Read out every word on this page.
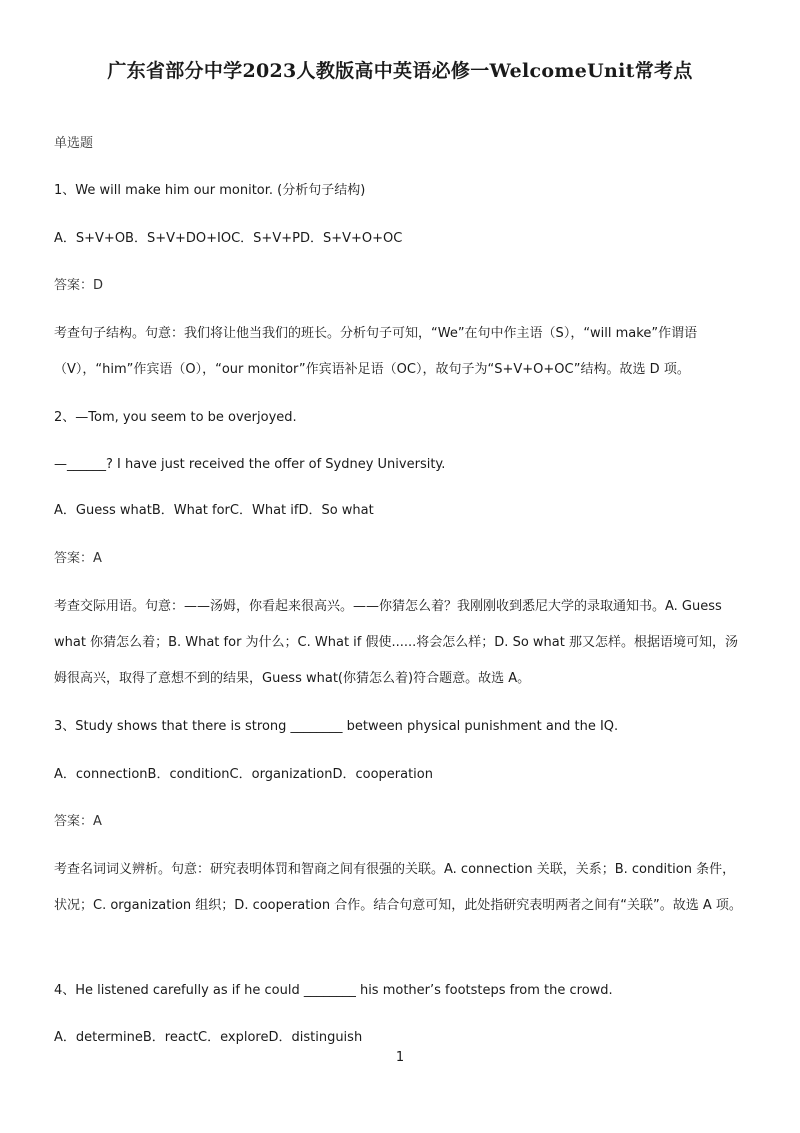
广东省部分中学2023人教版高中英语必修一WelcomeUnit常考点
单选题
1、We will make him our monitor. (分析句子结构)
A．S+V+OB．S+V+DO+IOC．S+V+PD．S+V+O+OC
答案：D
考查句子结构。句意：我们将让他当我们的班长。分析句子可知，“We”在句中作主语（S），“will make”作谓语（V），“him”作宾语（O），“our monitor”作宾语补足语（OC），故句子为“S+V+O+OC”结构。故选 D 项。
2、—Tom, you seem to be overjoyed.
—______? I have just received the offer of Sydney University.
A．Guess whatB．What forC．What ifD．So what
答案：A
考查交际用语。句意：——汤姆，你看起来很高兴。——你猜怎么着？我刚刚收到悉尼大学的录取通知书。A. Guess what 你猜怎么着；B. What for 为什么；C. What if 假使......将会怎么样；D. So what 那又怎样。根据语境可知，汤姆很高兴，取得了意想不到的结果，Guess what(你猜怎么着)符合题意。故选 A。
3、Study shows that there is strong ________ between physical punishment and the IQ.
A．connectionB．conditionC．organizationD．cooperation
答案：A
考查名词词义辨析。句意：研究表明体罚和智商之间有很强的关联。A. connection 关联，关系；B. condition 条件，状况；C. organization 组织；D. cooperation 合作。结合句意可知，此处指研究表明两者之间有“关联”。故选 A 项。
4、He listened carefully as if he could ________ his mother’s footsteps from the crowd.
A．determineB．reactC．exploreD．distinguish
1
